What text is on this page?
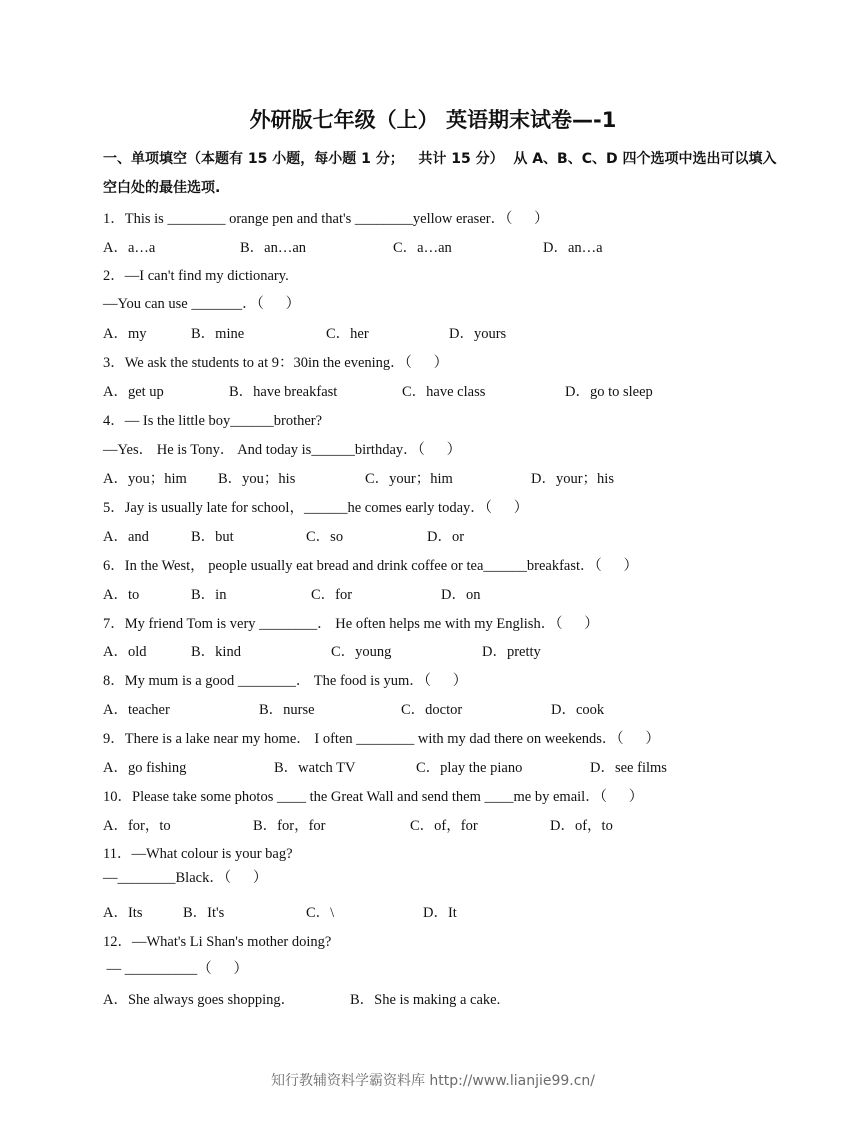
外研版七年级（上） 英语期末试卷—-1
一、单项填空（本题有 15 小题，每小题 1 分；   共计 15 分）  从 A、B、C、D 四个选项中选出可以填入
空白处的最佳选项.
1．This is ________ orange pen and that's ________yellow eraser．（      ）
A．a…a	B．an…an	C．a…an	D．an…a
2．—I can't find my dictionary.
—You can use _______．（      ）
A．my	B．mine	C．her	D．yours
3．We ask the students to at 9：30in the evening．（      ）
A．get up	B．have breakfast	C．have class	D．go to sleep
4．— Is the little boy______brother?
—Yes． He is Tony． And today is______birthday．（      ）
A．you；him B．you；his	C．your；him	D．your；his
5．Jay is usually late for school，______he comes early today．（      ）
A．and	B．but	C．so	D．or
6．In the West， people usually eat bread and drink coffee or tea______breakfast．（      ）
A．to	B．in	C．for	D．on
7．My friend Tom is very ________． He often helps me with my English．（      ）
A．old	B．kind	C．young	D．pretty
8．My mum is a good ________． The food is yum．（      ）
A．teacher	B．nurse	C．doctor	D．cook
9．There is a lake near my home． I often ________ with my dad there on weekends．（      ）
A．go fishing	B．watch TV	C．play the piano	D．see films
10．Please take some photos ____ the Great Wall and send them ____me by email．（      ）
A．for，to	B．for，for	C．of，for	D．of，to
11．—What colour is your bag?
—________Black．（      ）
A．Its	B．It's	C．\	D．It
12．—What's Li Shan's mother doing?
— __________（      ）
A．She always goes shopping．	B．She is making a cake.
知行教辅资料学霸资料库 http://www.lianjie99.cn/
